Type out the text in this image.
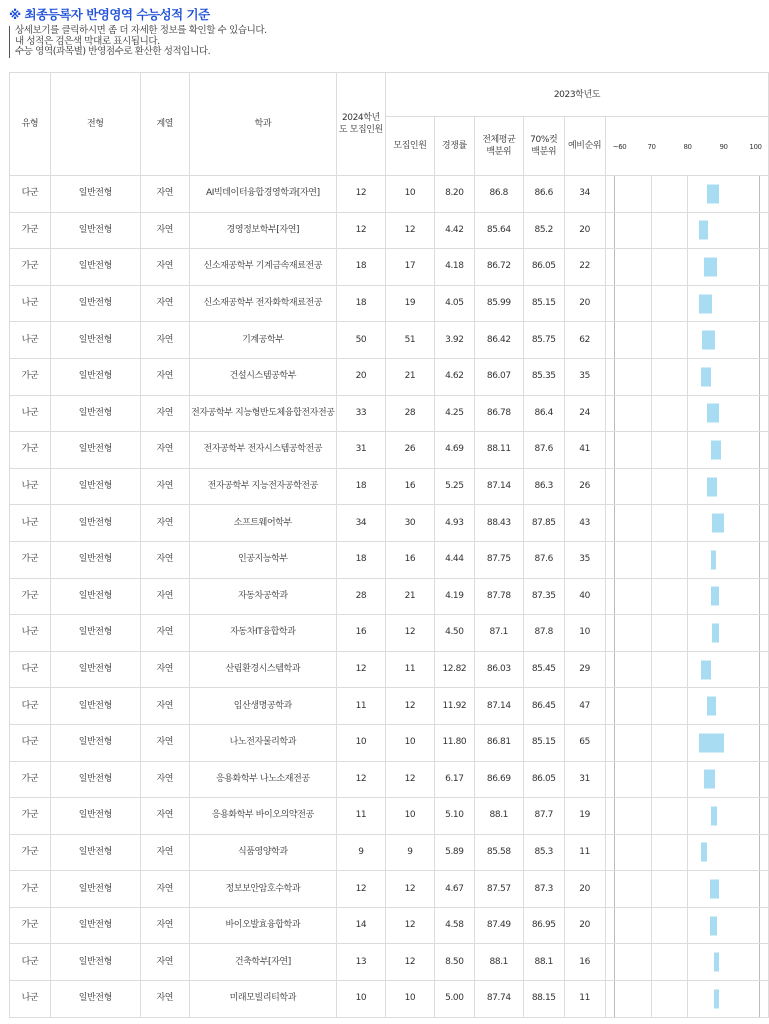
※ 최종등록자 반영영역 수능성적 기준
상세보기를 클릭하시면 좀 더 자세한 정보를 확인할 수 있습니다.
내 성적은 검은색 막대로 표시됩니다.
수능 영역(과목별) 반영점수로 환산한 성적입니다.
유형	전형	계열	학과	2024학년도 모집인원	2023학년도					
					모집인원	경쟁률	전체평균 백분위	70%컷 백분위	예비순위	~60 70 80 90 100

다군	일반전형	자연	AI빅데이터융합경영학과[자연]	12	10	8.20	86.8	86.6	34	

가군	일반전형	자연	경영정보학부[자연]	12	12	4.42	85.64	85.2	20	

가군	일반전형	자연	신소재공학부 기계금속재료전공	18	17	4.18	86.72	86.05	22	

나군	일반전형	자연	신소재공학부 전자화학재료전공	18	19	4.05	85.99	85.15	20	

나군	일반전형	자연	기계공학부	50	51	3.92	86.42	85.75	62	

가군	일반전형	자연	건설시스템공학부	20	21	4.62	86.07	85.35	35	

나군	일반전형	자연	전자공학부 지능형반도체융합전자전공	33	28	4.25	86.78	86.4	24	

가군	일반전형	자연	전자공학부 전자시스템공학전공	31	26	4.69	88.11	87.6	41	

나군	일반전형	자연	전자공학부 지능전자공학전공	18	16	5.25	87.14	86.3	26	

나군	일반전형	자연	소프트웨어학부	34	30	4.93	88.43	87.85	43	

가군	일반전형	자연	인공지능학부	18	16	4.44	87.75	87.6	35	

가군	일반전형	자연	자동차공학과	28	21	4.19	87.78	87.35	40	

나군	일반전형	자연	자동차IT융합학과	16	12	4.50	87.1	87.8	10	

다군	일반전형	자연	산림환경시스템학과	12	11	12.82	86.03	85.45	29	

다군	일반전형	자연	임산생명공학과	11	12	11.92	87.14	86.45	47	

다군	일반전형	자연	나노전자물리학과	10	10	11.80	86.81	85.15	65	

가군	일반전형	자연	응용화학부 나노소재전공	12	12	6.17	86.69	86.05	31	

가군	일반전형	자연	응용화학부 바이오의약전공	11	10	5.10	88.1	87.7	19	

가군	일반전형	자연	식품영양학과	9	9	5.89	85.58	85.3	11	

가군	일반전형	자연	정보보안암호수학과	12	12	4.67	87.57	87.3	20	

가군	일반전형	자연	바이오발효융합학과	14	12	4.58	87.49	86.95	20	

다군	일반전형	자연	건축학부[자연]	13	12	8.50	88.1	88.1	16	

나군	일반전형	자연	미래모빌리티학과	10	10	5.00	87.74	88.15	11	
